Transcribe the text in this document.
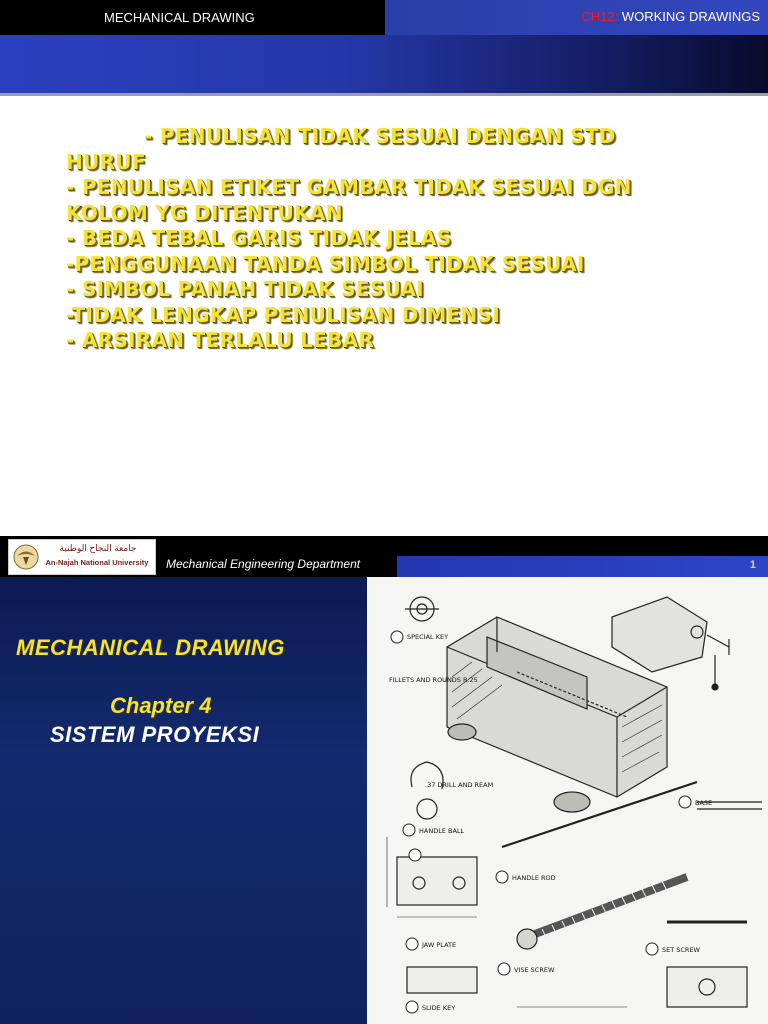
MECHANICAL DRAWING	CH12: WORKING DRAWINGS
- PENULISAN TIDAK SESUAI DENGAN STD
HURUF
- PENULISAN ETIKET GAMBAR TIDAK SESUAI DGN
KOLOM YG DITENTUKAN
- BEDA TEBAL GARIS TIDAK JELAS
-PENGGUNAAN TANDA SIMBOL TIDAK SESUAI
- SIMBOL PANAH TIDAK SESUAI
-TIDAK LENGKAP PENULISAN DIMENSI
- ARSIRAN TERLALU LEBAR
جامعة النجاح الوطنية
An-Najah National University	Mechanical Engineering Department	1
MECHANICAL DRAWING
Chapter 4
SISTEM PROYEKSI
SPECIAL KEY
BASE
HANDLE BALL
HANDLE ROD
JAW PLATE
VISE SCREW
SET SCREW
SLIDE KEY
FILLETS AND ROUNDS R.25
.37 DRILL AND REAM
